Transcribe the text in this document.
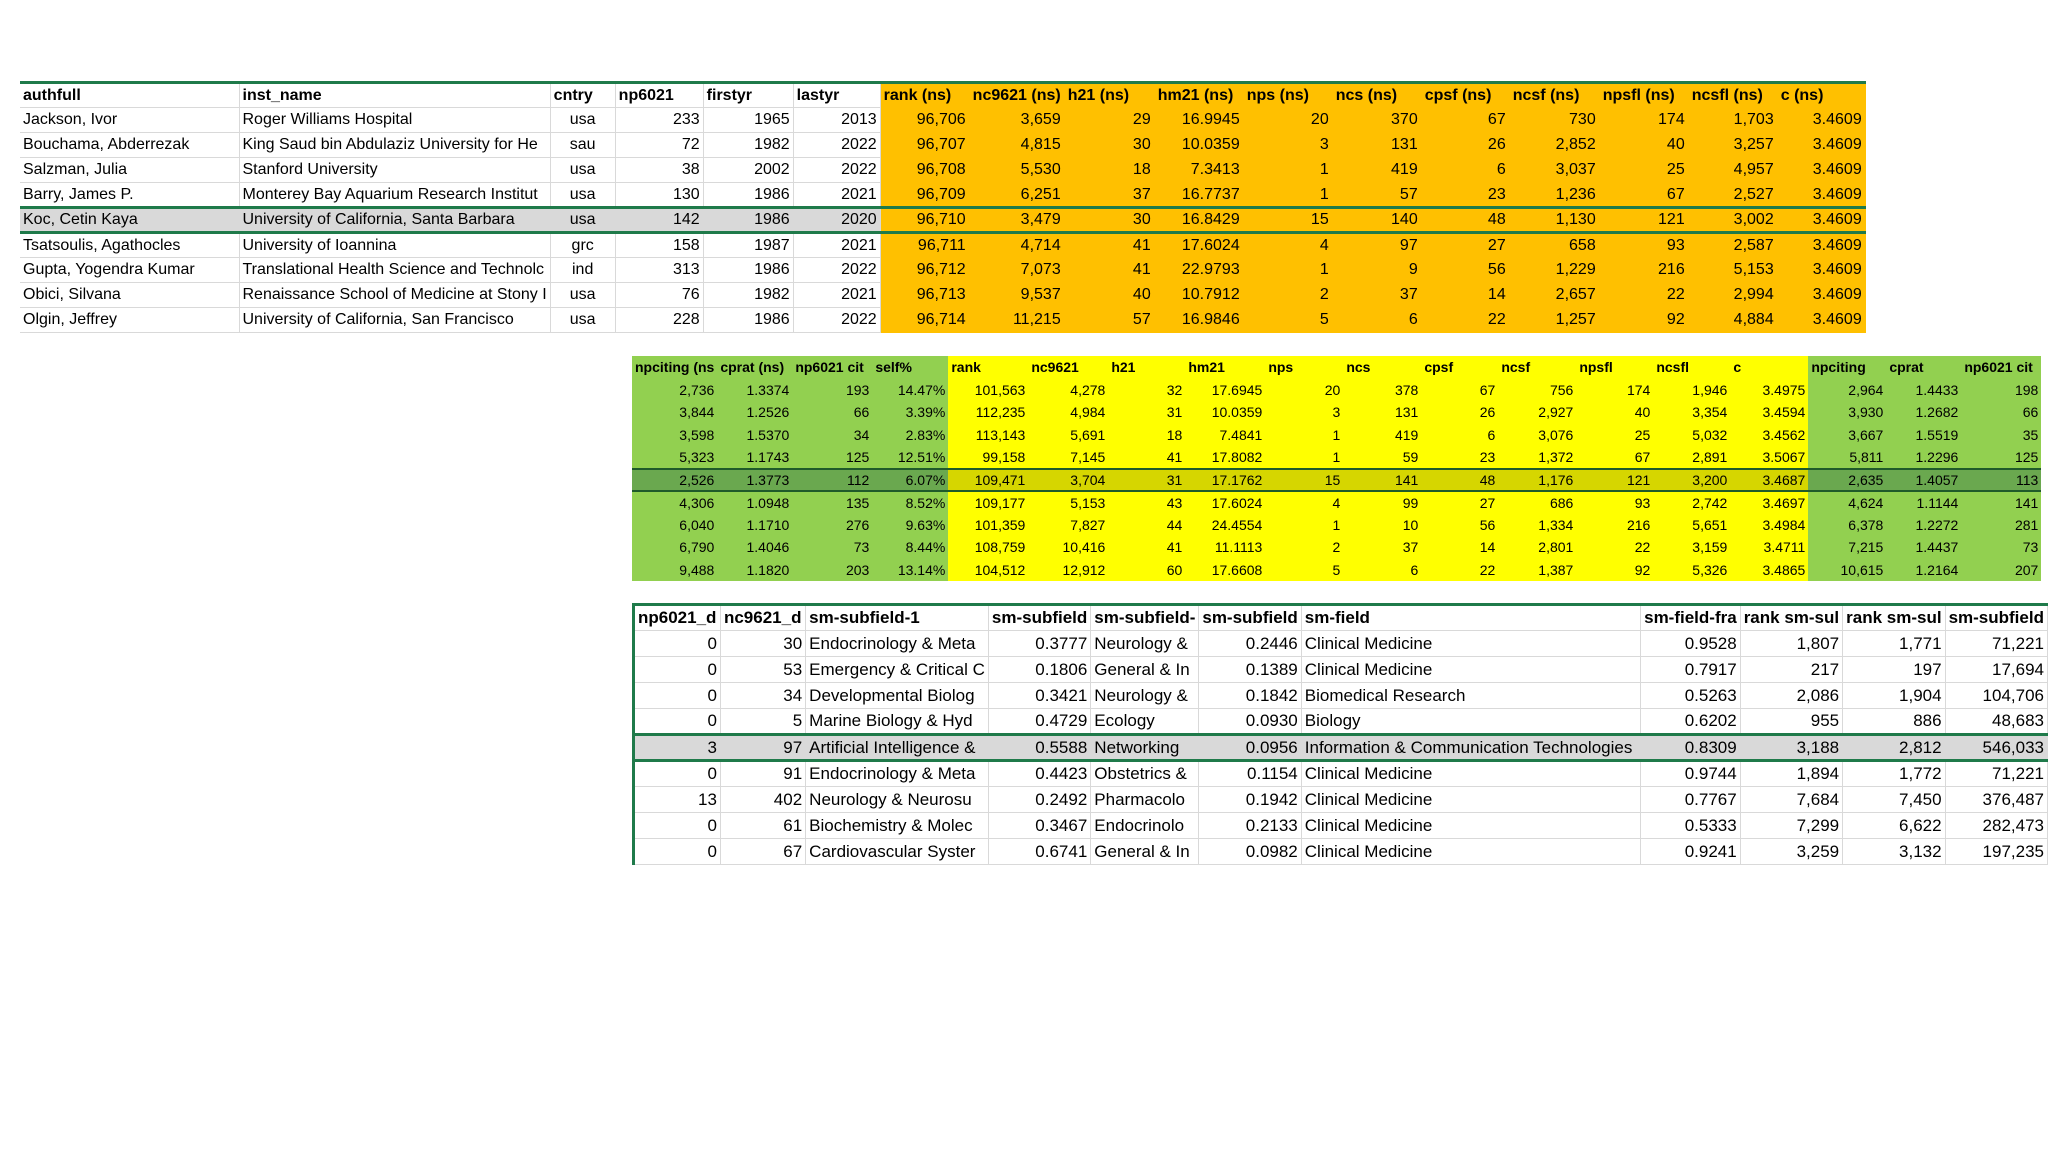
authfull	inst_name	cntry	np6021	firstyr	lastyr	rank (ns)	nc9621 (ns)	h21 (ns)	hm21 (ns)	nps (ns)	ncs (ns)	cpsf (ns)	ncsf (ns)	npsfl (ns)	ncsfl (ns)	c (ns)
Jackson, Ivor	Roger Williams Hospital	usa	233	1965	2013	96,706	3,659	29	16.9945	20	370	67	730	174	1,703	3.4609
Bouchama, Abderrezak	King Saud bin Abdulaziz University for He	sau	72	1982	2022	96,707	4,815	30	10.0359	3	131	26	2,852	40	3,257	3.4609
Salzman, Julia	Stanford University	usa	38	2002	2022	96,708	5,530	18	7.3413	1	419	6	3,037	25	4,957	3.4609
Barry, James P.	Monterey Bay Aquarium Research Institut	usa	130	1986	2021	96,709	6,251	37	16.7737	1	57	23	1,236	67	2,527	3.4609
Koc, Cetin Kaya	University of California, Santa Barbara	usa	142	1986	2020	96,710	3,479	30	16.8429	15	140	48	1,130	121	3,002	3.4609
Tsatsoulis, Agathocles	University of Ioannina	grc	158	1987	2021	96,711	4,714	41	17.6024	4	97	27	658	93	2,587	3.4609
Gupta, Yogendra Kumar	Translational Health Science and Technolc	ind	313	1986	2022	96,712	7,073	41	22.9793	1	9	56	1,229	216	5,153	3.4609
Obici, Silvana	Renaissance School of Medicine at Stony I	usa	76	1982	2021	96,713	9,537	40	10.7912	2	37	14	2,657	22	2,994	3.4609
Olgin, Jeffrey	University of California, San Francisco	usa	228	1986	2022	96,714	11,215	57	16.9846	5	6	22	1,257	92	4,884	3.4609
npciting (ns	cprat (ns)	np6021 cit	self%	rank	nc9621	h21	hm21	nps	ncs	cpsf	ncsf	npsfl	ncsfl	c	npciting	cprat	np6021 cit
2,736	1.3374	193	14.47%	101,563	4,278	32	17.6945	20	378	67	756	174	1,946	3.4975	2,964	1.4433	198
3,844	1.2526	66	3.39%	112,235	4,984	31	10.0359	3	131	26	2,927	40	3,354	3.4594	3,930	1.2682	66
3,598	1.5370	34	2.83%	113,143	5,691	18	7.4841	1	419	6	3,076	25	5,032	3.4562	3,667	1.5519	35
5,323	1.1743	125	12.51%	99,158	7,145	41	17.8082	1	59	23	1,372	67	2,891	3.5067	5,811	1.2296	125
2,526	1.3773	112	6.07%	109,471	3,704	31	17.1762	15	141	48	1,176	121	3,200	3.4687	2,635	1.4057	113
4,306	1.0948	135	8.52%	109,177	5,153	43	17.6024	4	99	27	686	93	2,742	3.4697	4,624	1.1144	141
6,040	1.1710	276	9.63%	101,359	7,827	44	24.4554	1	10	56	1,334	216	5,651	3.4984	6,378	1.2272	281
6,790	1.4046	73	8.44%	108,759	10,416	41	11.1113	2	37	14	2,801	22	3,159	3.4711	7,215	1.4437	73
9,488	1.1820	203	13.14%	104,512	12,912	60	17.6608	5	6	22	1,387	92	5,326	3.4865	10,615	1.2164	207
np6021_d	nc9621_d	sm-subfield-1	sm-subfield	sm-subfield-	sm-subfield	sm-field	sm-field-fra	rank sm-sul	rank sm-sul	sm-subfield
0	30	Endocrinology & Meta	0.3777	Neurology &	0.2446	Clinical Medicine	0.9528	1,807	1,771	71,221
0	53	Emergency & Critical C	0.1806	General & In	0.1389	Clinical Medicine	0.7917	217	197	17,694
0	34	Developmental Biolog	0.3421	Neurology &	0.1842	Biomedical Research	0.5263	2,086	1,904	104,706
0	5	Marine Biology & Hyd	0.4729	Ecology	0.0930	Biology	0.6202	955	886	48,683
3	97	Artificial Intelligence &	0.5588	Networking	0.0956	Information & Communication Technologies	0.8309	3,188	2,812	546,033
0	91	Endocrinology & Meta	0.4423	Obstetrics &	0.1154	Clinical Medicine	0.9744	1,894	1,772	71,221
13	402	Neurology & Neurosu	0.2492	Pharmacolo	0.1942	Clinical Medicine	0.7767	7,684	7,450	376,487
0	61	Biochemistry & Molec	0.3467	Endocrinolo	0.2133	Clinical Medicine	0.5333	7,299	6,622	282,473
0	67	Cardiovascular Syster	0.6741	General & In	0.0982	Clinical Medicine	0.9241	3,259	3,132	197,235
